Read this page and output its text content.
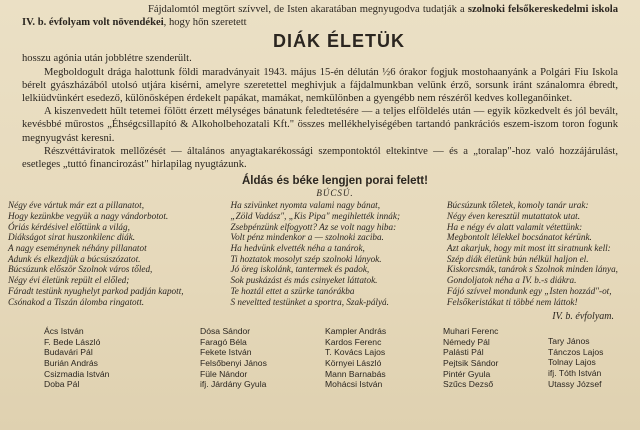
Fájdalomtól megtört szívvel, de Isten akaratában megnyugodva tudatják a szolnoki felsőkereskedelmi iskola IV. b. évfolyam volt növendékei, hogy hőn szeretett

DIÁK ÉLETÜK

hosszu agónia után jobblétre szenderült.

Megboldogult drága halottunk földi maradványait 1943. május 15-én délután ½6 órakor fogjuk mostohaanyánk a Polgári Fiu Iskola bérelt gyászházából utolsó utjára kisérni, amelyre szeretettel meghivjuk a fájdalmunkban velünk érző, sorsunk iránt szánalomra ébredt, lelkiüdvünkért esedező, különösképen érdekelt papákat, mamákat, nemkülönben a gyengébb nem részéről kedves kolleganőinket.

A kiszenvedett hült tetemei fölött érzett mélységes bánatunk feledtetésére — a teljes elföldelés után — egyik közkedvelt és jól bevált, kevésbbé műrostos „Éhségcsillapító & Alkoholbehozatali Kft." összes mellékhelyiségében tartandó pankrációs eszem-iszom toron fogunk megnyugvást keresni.

Részvéttáviratok mellőzését — általános anyagtakarékossági szempontoktól eltekintve — és a „toralap"-hoz való hozzájárulást, esetleges „tuttó financirozást" hirlapilag nyugtázunk.

Áldás és béke lengjen porai felett!
BÚCSÚ.
Négy éve vártuk már ezt a pillanatot,
Hogy kezünkbe vegyük a nagy vándorbotot.
Óriás kérdésivel előttünk a világ,
Diákságot sirat huszonkilenc diák.
A nagy eseménynek néhány pillanatot
Adunk és elkezdjük a búcsúszózatot.
Búcsúzunk először Szolnok város tőled,
Négy évi életünk repült el előled;
Fáradt testünk nyughelyt parkod padján kapott,
Csónakod a Tiszán álomba ringatott.
Ha szivünket nyomta valami nagy bánat,
„Zöld Vadász", „Kis Pipa" megihlették innák;
Zsebpénzünk elfogyott? Az se volt nagy hiba:
Volt pénz mindenkor a — szolnoki zaciba.
Ha hedvünk elvették néha a tanárok,
Ti hoztatok mosolyt szép szolnoki lányok.
Jó öreg iskolánk, tantermek és padok,
Sok puskázást és más csinyeket láttatok.
Te hoztál ettet a szürke tanórákba
S neveltted testünket a sportra, Szak-pályá.
Búcsúzunk tőletek, komoly tanár urak:
Négy éven keresztül mutattatok utat.
Ha e négy év alatt valamit vétettünk:
Megbontolt lélekkel bocsánatot kérünk.
Azt akarjuk, hogy mit most itt siratnunk kell:
Szép diák életünk bún nélkül haljon el.
Kiskorcsmák, tanárok s Szolnok minden lánya,
Gondoljatok néha a IV. b.-s diákra.
Fájó szívvel mondunk egy „Isten hozzád"-ot,
Felsőkeristákat ti többé nem láttok!
IV. b. évfolyam.
Ács István
F. Bede László
Budavári Pál
Burián András
Csizmadia István
Doba Pál
Dósa Sándor
Faragó Béla
Fekete István
Felsőbenyi János
Füle Nándor
ifj. Járdány Gyula
Kampler András
Kardos Ferenc
T. Kovács Lajos
Környei László
Mann Barnabás
Mohácsi István
Muhari Ferenc
Némedy Pál
Palásti Pál
Pejtsik Sándor
Pintér Gyula
Szűcs Dezső
Tary János
Tánczos Lajos
Tolnay Lajos
ifj. Tóth István
Utassy József
